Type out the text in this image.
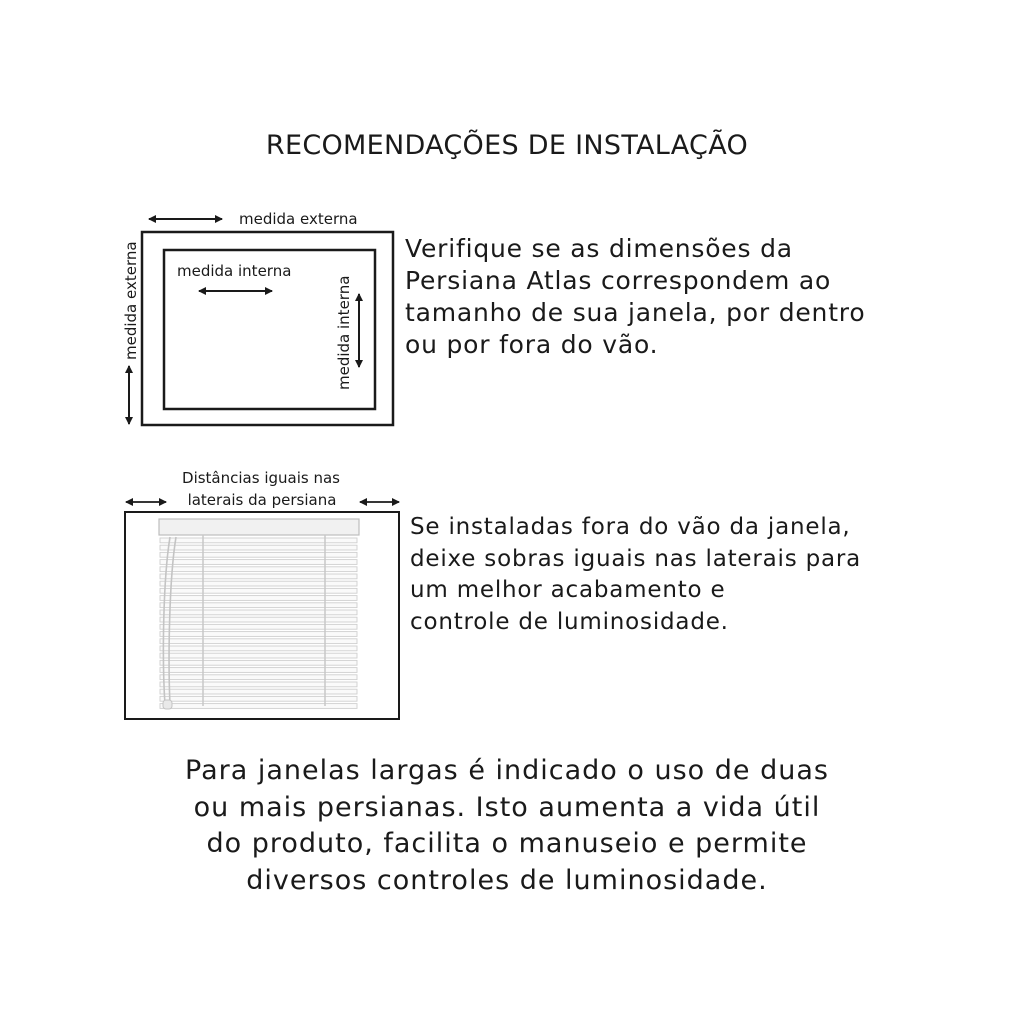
RECOMENDAÇÕES DE INSTALAÇÃO
medida externa
medida externa medida interna
medida interna

Verifique se as dimensões da
Persiana Atlas correspondem ao
tamanho de sua janela, por dentro
ou por fora do vão.

Distâncias iguais nas
laterais da persiana

Se instaladas fora do vão da janela,
deixe sobras iguais nas laterais para
um melhor acabamento e
controle de luminosidade.

Para janelas largas é indicado o uso de duas
ou mais persianas. Isto aumenta a vida útil
do produto, facilita o manuseio e permite
diversos controles de luminosidade.
